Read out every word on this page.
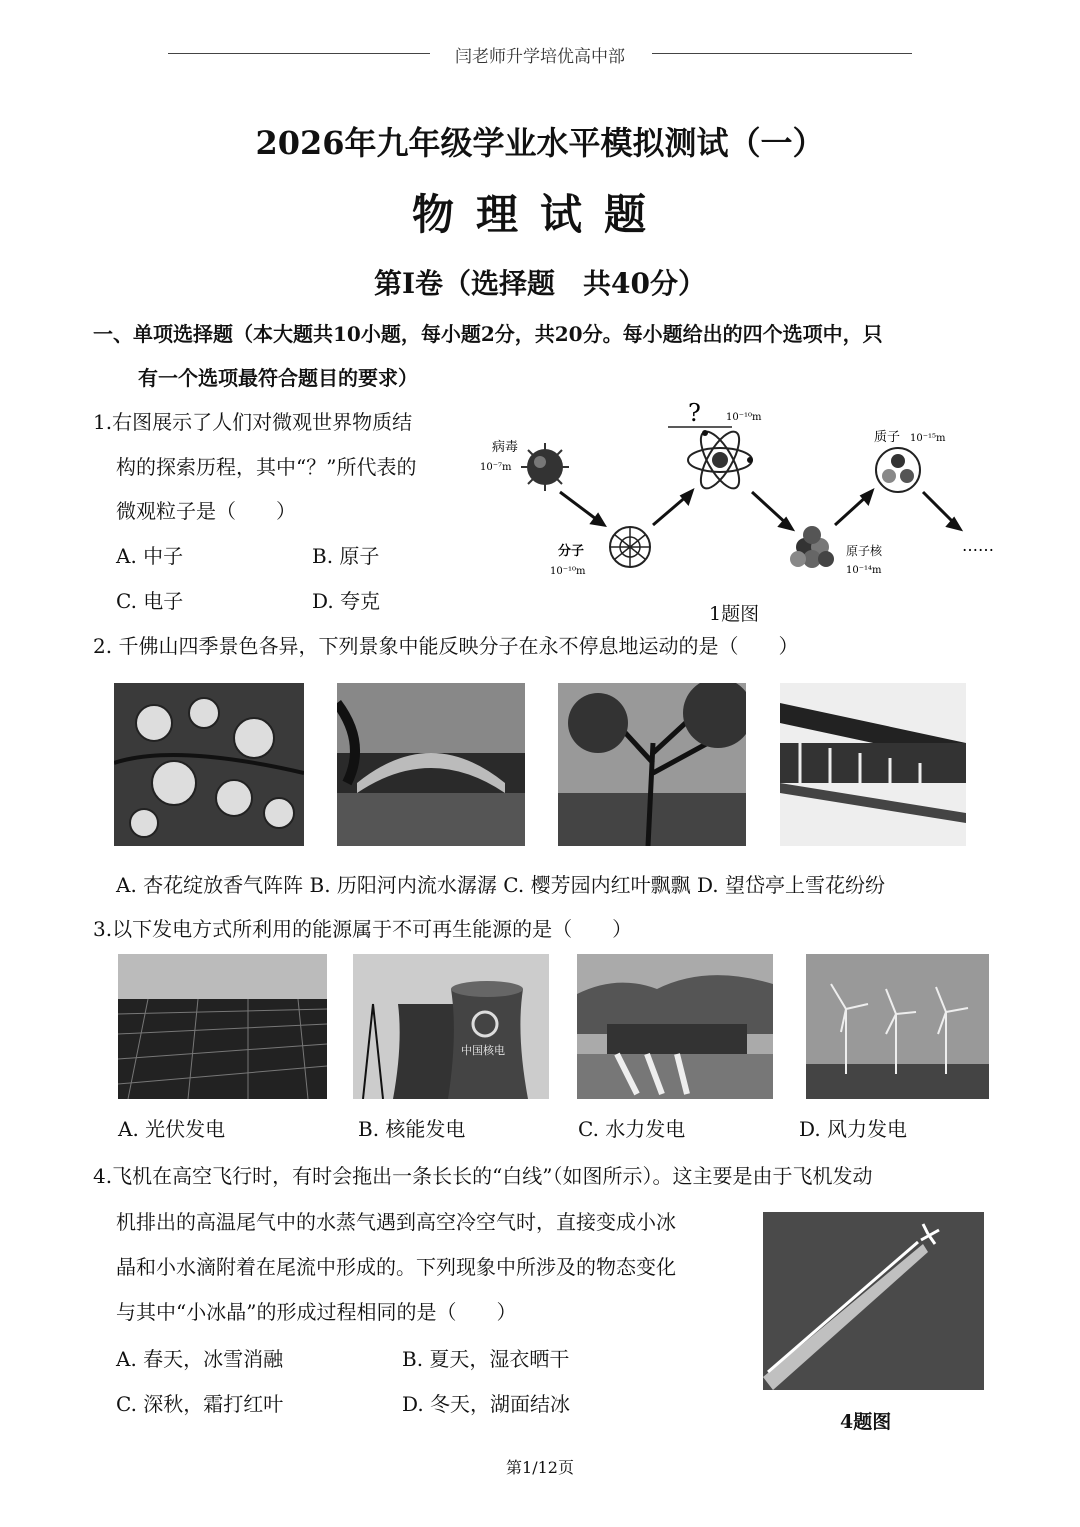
闫老师升学培优高中部
2026年九年级学业水平模拟测试（一）
物理试题
第Ⅰ卷（选择题　共40分）
一、单项选择题（本大题共10小题，每小题2分，共20分。每小题给出的四个选项中，只
有一个选项最符合题目的要求）
1.右图展示了人们对微观世界物质结
构的探索历程，其中“？”所代表的
微观粒子是（　　）
A. 中子	B. 原子
C. 电子	D. 夸克
病毒
10⁻⁷m
分子
10⁻¹⁰m
?	10⁻¹⁰m
原子核
10⁻¹⁴m
质子 10⁻¹⁵m
……
1题图
2. 千佛山四季景色各异，下列景象中能反映分子在永不停息地运动的是（　　）
A. 杏花绽放香气阵阵 B. 历阳河内流水潺潺 C. 樱芳园内红叶飘飘 D. 望岱亭上雪花纷纷
3.以下发电方式所利用的能源属于不可再生能源的是（　　）
中国核电
A. 光伏发电	B. 核能发电	C. 水力发电	D. 风力发电
4.飞机在高空飞行时，有时会拖出一条长长的“白线”（如图所示）。这主要是由于飞机发动
机排出的高温尾气中的水蒸气遇到高空冷空气时，直接变成小冰
晶和小水滴附着在尾流中形成的。下列现象中所涉及的物态变化
与其中“小冰晶”的形成过程相同的是（　　）
A. 春天，冰雪消融	B. 夏天，湿衣晒干
C. 深秋，霜打红叶	D. 冬天，湖面结冰
4题图
第1/12页
